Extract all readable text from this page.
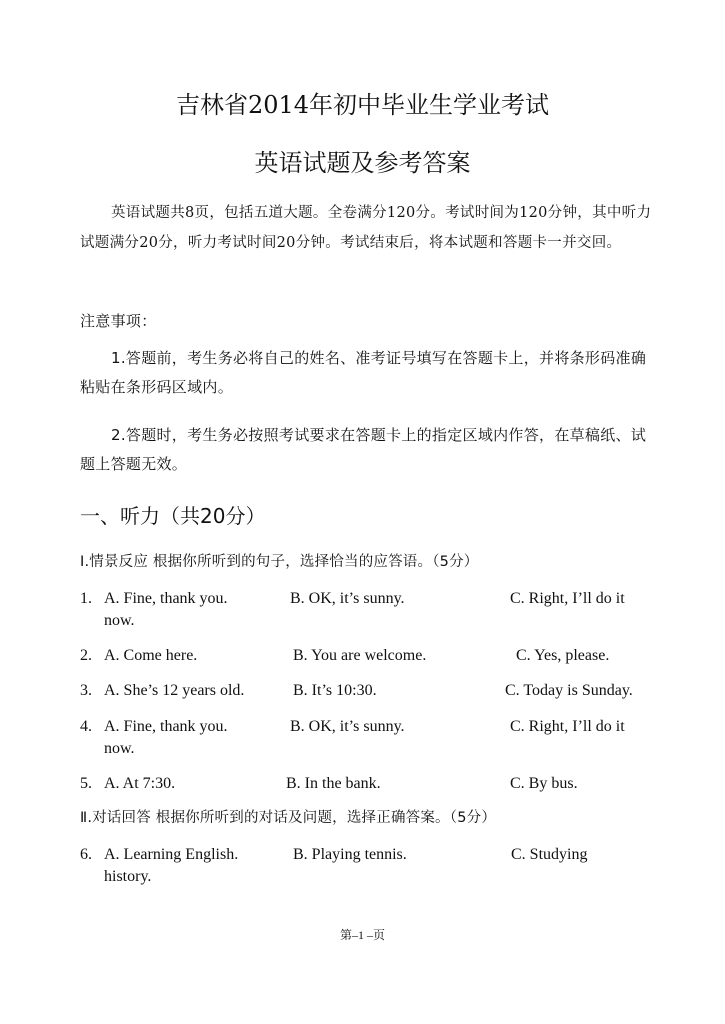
吉林省2014年初中毕业生学业考试
英语试题及参考答案
英语试题共8页，包括五道大题。全卷满分120分。考试时间为120分钟，其中听力试题满分20分，听力考试时间20分钟。考试结束后，将本试题和答题卡一并交回。
注意事项：
1.答题前，考生务必将自己的姓名、准考证号填写在答题卡上，并将条形码准确粘贴在条形码区域内。
2.答题时，考生务必按照考试要求在答题卡上的指定区域内作答，在草稿纸、试题上答题无效。
一、听力（共20分）
Ⅰ.情景反应 根据你所听到的句子，选择恰当的应答语。（5分）
1. A. Fine, thank you.	B. OK, it’s sunny.	C. Right, I’ll do it
now.
2. A. Come here.	B. You are welcome.	C. Yes, please.
3. A. She’s 12 years old.	B. It’s 10:30.	C. Today is Sunday.
4. A. Fine, thank you.	B. OK, it’s sunny.	C. Right, I’ll do it
now.
5. A. At 7:30.	B. In the bank.	C. By bus.
Ⅱ.对话回答 根据你所听到的对话及问题，选择正确答案。（5分）
6. A. Learning English.	B. Playing tennis.	C. Studying
history.
第–1 –页
